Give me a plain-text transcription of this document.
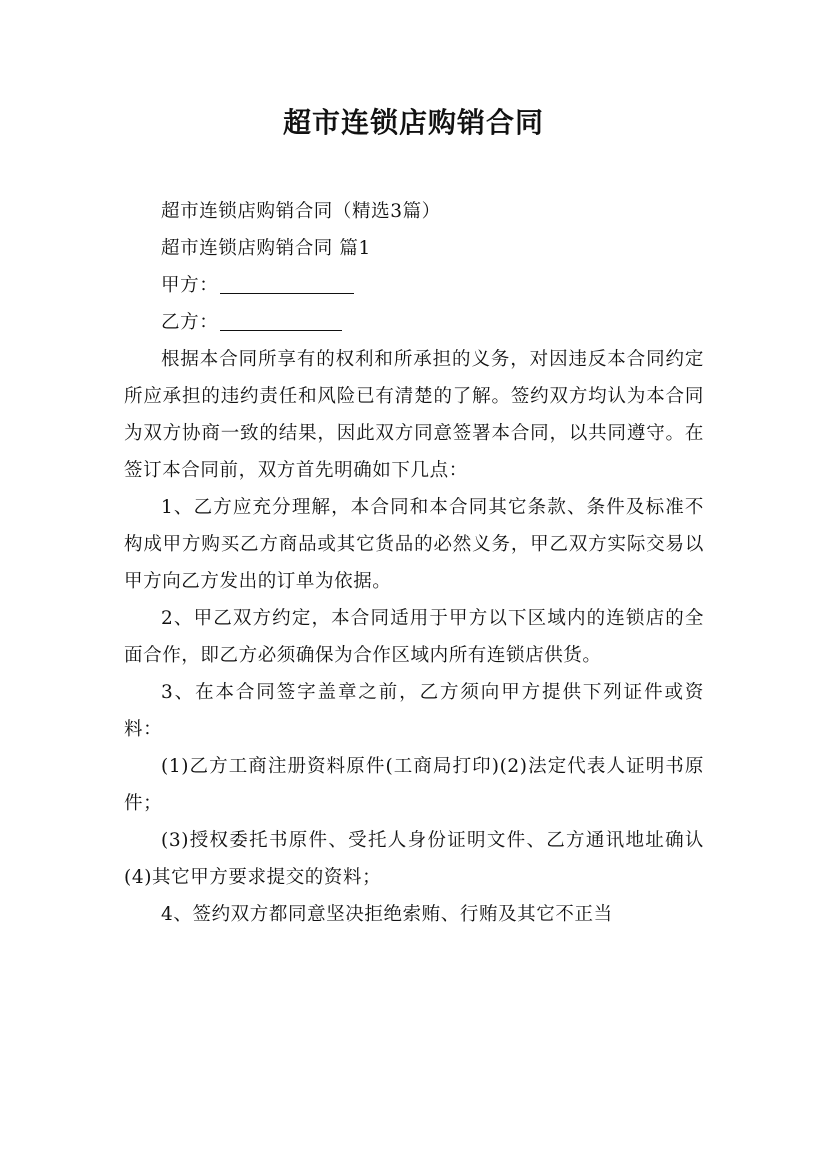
超市连锁店购销合同

超市连锁店购销合同（精选3篇）

超市连锁店购销合同 篇1

甲方：

乙方：

根据本合同所享有的权利和所承担的义务，对因违反本合同约定所应承担的违约责任和风险已有清楚的了解。签约双方均认为本合同为双方协商一致的结果，因此双方同意签署本合同，以共同遵守。在签订本合同前，双方首先明确如下几点：

1、乙方应充分理解，本合同和本合同其它条款、条件及标准不构成甲方购买乙方商品或其它货品的必然义务，甲乙双方实际交易以甲方向乙方发出的订单为依据。

2、甲乙双方约定，本合同适用于甲方以下区域内的连锁店的全面合作，即乙方必须确保为合作区域内所有连锁店供货。

3、在本合同签字盖章之前，乙方须向甲方提供下列证件或资料：

(1)乙方工商注册资料原件(工商局打印)(2)法定代表人证明书原件；

(3)授权委托书原件、受托人身份证明文件、乙方通讯地址确认(4)其它甲方要求提交的资料；

4、签约双方都同意坚决拒绝索贿、行贿及其它不正当
